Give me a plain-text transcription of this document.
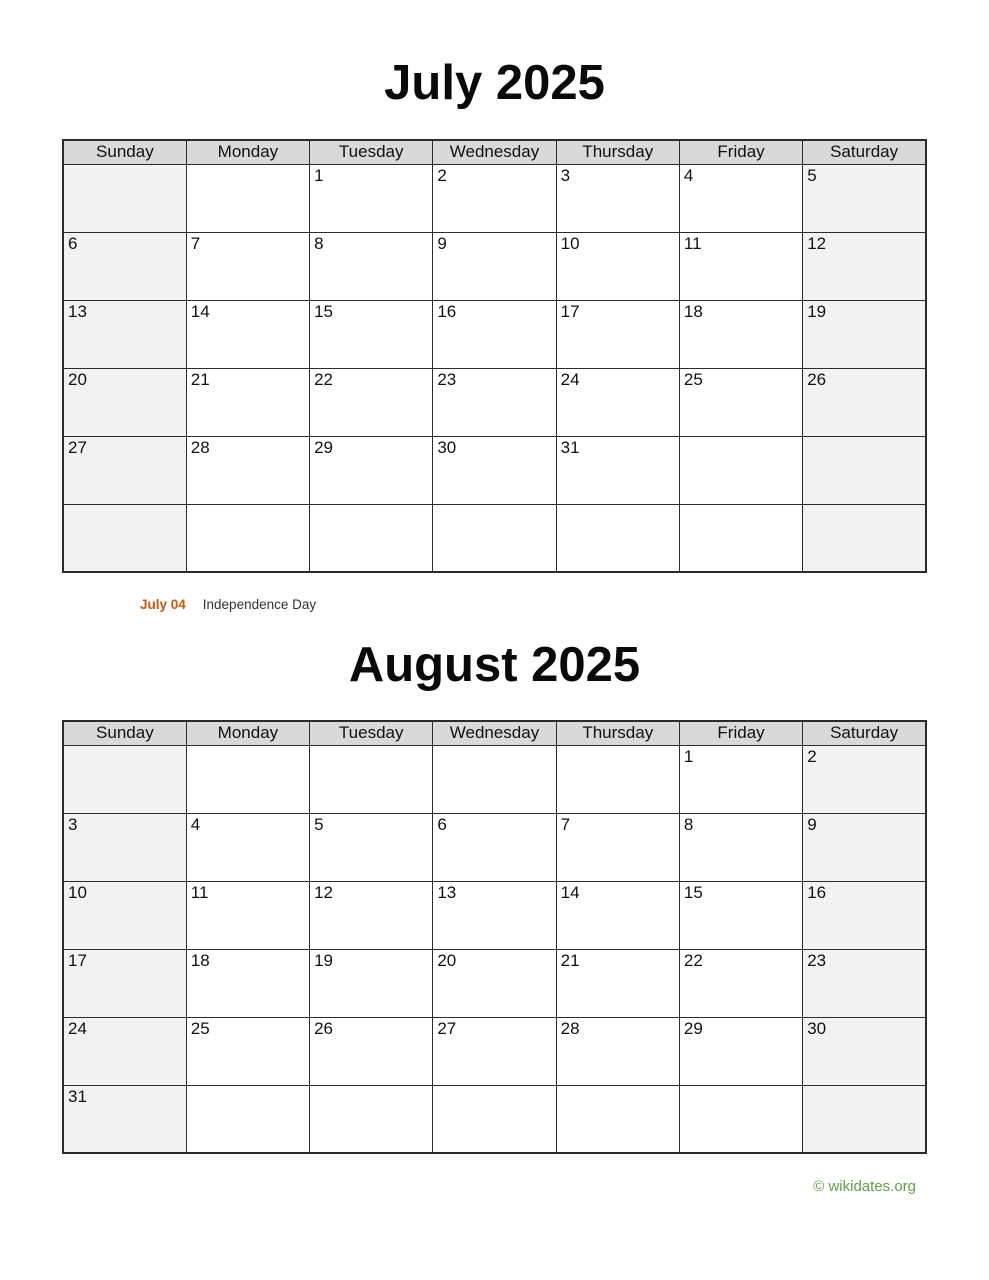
July 2025
Sunday	Monday	Tuesday	Wednesday	Thursday	Friday	Saturday
		1	2	3	4	5
6	7	8	9	10	11	12
13	14	15	16	17	18	19
20	21	22	23	24	25	26
27	28	29	30	31		

July 04 Independence Day
August 2025
Sunday	Monday	Tuesday	Wednesday	Thursday	Friday	Saturday
					1	2
3	4	5	6	7	8	9
10	11	12	13	14	15	16
17	18	19	20	21	22	23
24	25	26	27	28	29	30
31						
© wikidates.org
